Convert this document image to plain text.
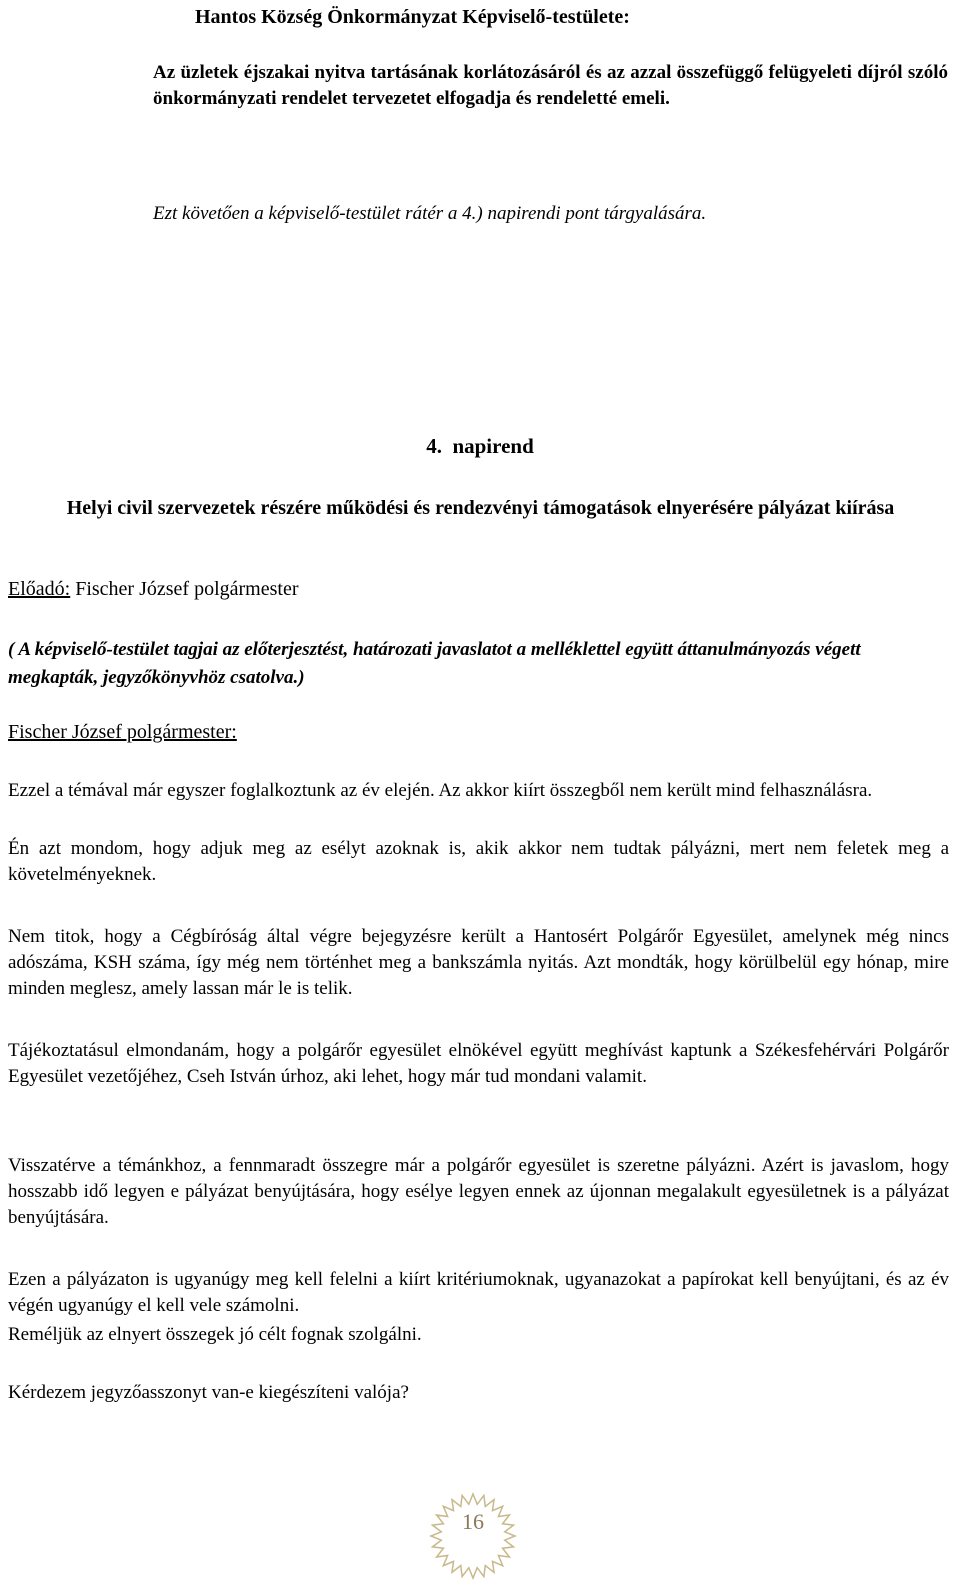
Hantos Község Önkormányzat Képviselő-testülete:

Az üzletek éjszakai nyitva tartásának korlátozásáról és az azzal összefüggő felügyeleti díjról szóló önkormányzati rendelet tervezetet elfogadja és rendeletté emeli.

Ezt követően a képviselő-testület rátér a 4.) napirendi pont tárgyalására.

4.  napirend

Helyi civil szervezetek részére működési és rendezvényi támogatások elnyerésére pályázat kiírása

Előadó: Fischer József polgármester

( A képviselő-testület tagjai az előterjesztést, határozati javaslatot a melléklettel együtt áttanulmányozás végett megkapták, jegyzőkönyvhöz csatolva.)

Fischer József polgármester:

Ezzel a témával már egyszer foglalkoztunk az év elején. Az akkor kiírt összegből nem került mind felhasználásra.

Én azt mondom, hogy adjuk meg az esélyt azoknak is, akik akkor nem tudtak pályázni, mert nem feletek meg a követelményeknek.

Nem titok, hogy a Cégbíróság által végre bejegyzésre került a Hantosért Polgárőr Egyesület, amelynek még nincs adószáma, KSH száma, így még nem történhet meg a bankszámla nyitás. Azt mondták, hogy körülbelül egy hónap, mire minden meglesz, amely lassan már le is telik.

Tájékoztatásul elmondanám, hogy a polgárőr egyesület elnökével együtt meghívást kaptunk a Székesfehérvári Polgárőr Egyesület vezetőjéhez, Cseh István úrhoz, aki lehet, hogy már tud mondani valamit.

Visszatérve a témánkhoz, a fennmaradt összegre már a polgárőr egyesület is szeretne pályázni. Azért is javaslom, hogy hosszabb idő legyen e pályázat benyújtására, hogy esélye legyen ennek az újonnan megalakult egyesületnek is a pályázat benyújtására.

Ezen a pályázaton is ugyanúgy meg kell felelni a kiírt kritériumoknak, ugyanazokat a papírokat kell benyújtani, és az év végén ugyanúgy el kell vele számolni.

Reméljük az elnyert összegek jó célt fognak szolgálni.

Kérdezem jegyzőasszonyt van-e kiegészíteni valója?

16
